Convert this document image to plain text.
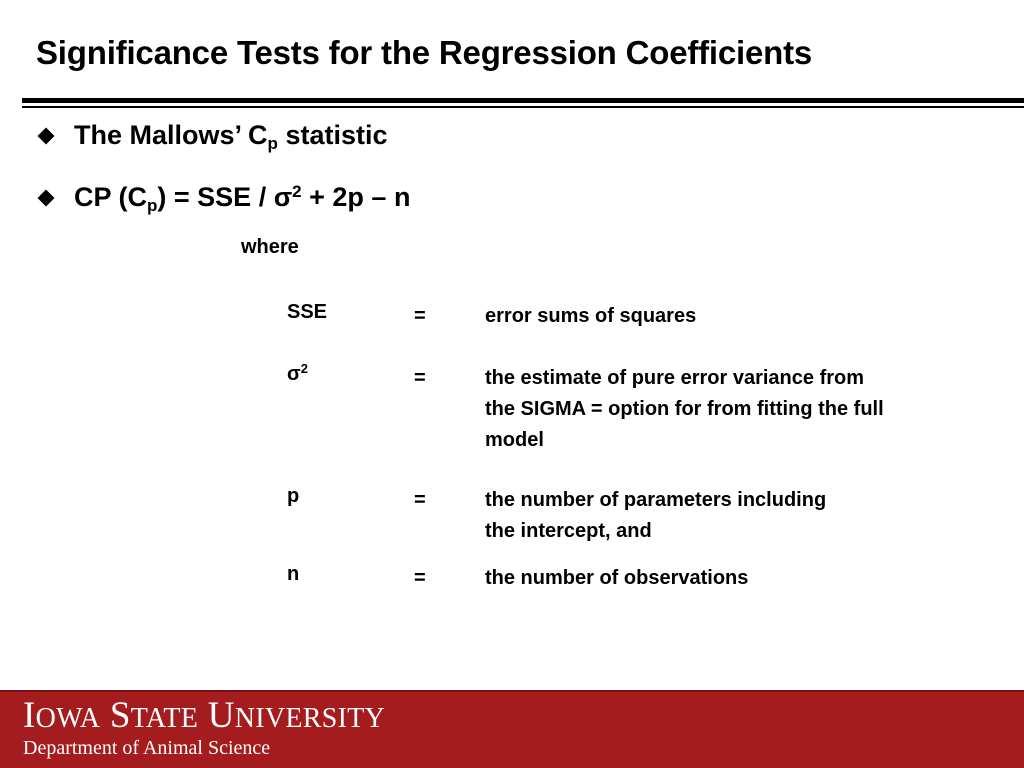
Significance Tests for the Regression Coefficients
The Mallows’ $C_p$ statistic
CP $(C_p)$ = SSE / $\sigma^2 + 2p - n$
where
SSE	=	error sums of squares
$\sigma^2$	=	the estimate of pure error variance from
the SIGMA = option for from fitting the full
model
p	=	the number of parameters including
the intercept, and
n	=	the number of observations
IOWA STATE UNIVERSITY
Department of Animal Science
